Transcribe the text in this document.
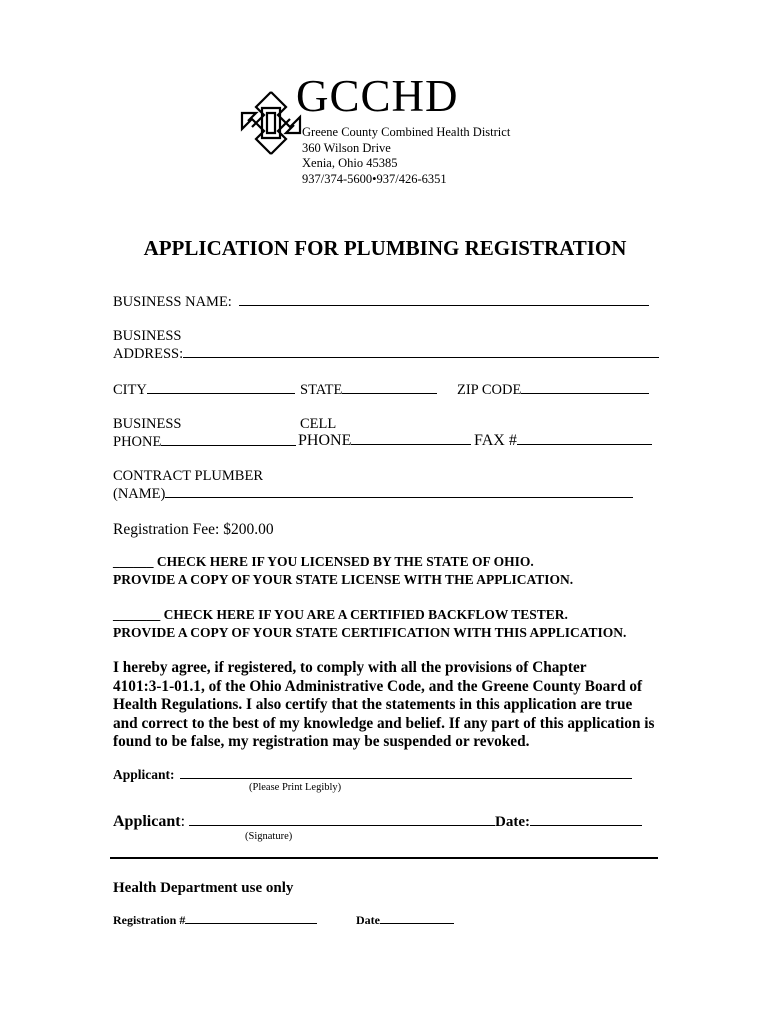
GCCHD
Greene County Combined Health District
360 Wilson Drive
Xenia, Ohio 45385
937/374-5600•937/426-6351
APPLICATION FOR PLUMBING REGISTRATION
BUSINESS NAME:
BUSINESS
ADDRESS:
CITY	STATE	ZIP CODE
BUSINESS
PHONE
CELL
PHONE	FAX #
CONTRACT PLUMBER
(NAME)
Registration Fee: $200.00
______ CHECK HERE IF YOU LICENSED BY THE STATE OF OHIO.
PROVIDE A COPY OF YOUR STATE LICENSE WITH THE APPLICATION.
_______ CHECK HERE IF YOU ARE A CERTIFIED BACKFLOW TESTER.
PROVIDE A COPY OF YOUR STATE CERTIFICATION WITH THIS APPLICATION.
I hereby agree, if registered, to comply with all the provisions of Chapter
4101:3-1-01.1, of the Ohio Administrative Code, and the Greene County Board of
Health Regulations. I also certify that the statements in this application are true
and correct to the best of my knowledge and belief. If any part of this application is
found to be false, my registration may be suspended or revoked.
Applicant:
(Please Print Legibly)
Applicant:	Date:
(Signature)
Health Department use only
Registration #	Date
